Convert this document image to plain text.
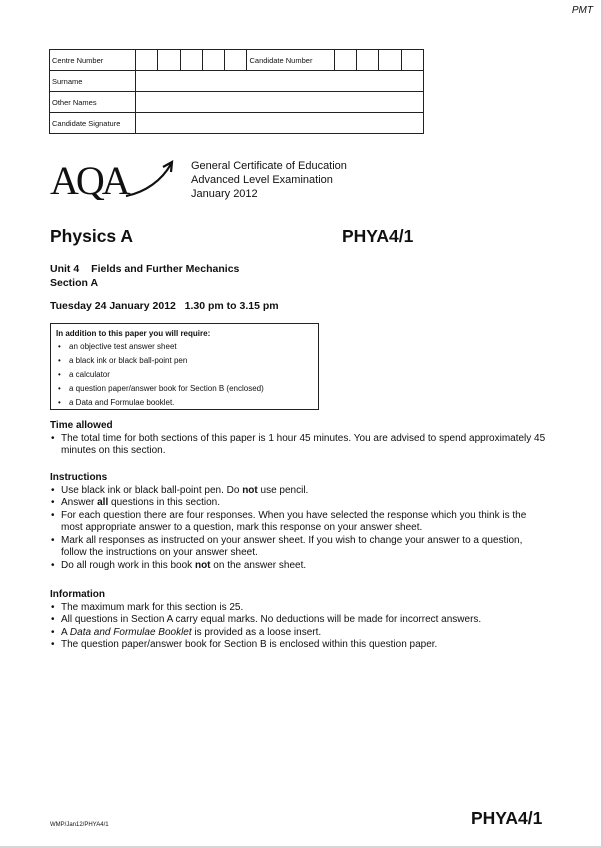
PMT
Centre Number						Candidate Number				
Surname										
Other Names										
Candidate Signature										
AQA	General Certificate of Education
Advanced Level Examination
January 2012
Physics A	PHYA4/1
Unit 4 Fields and Further Mechanics
Section A
Tuesday 24 January 2012   1.30 pm to 3.15 pm
In addition to this paper you will require:
• an objective test answer sheet
• a black ink or black ball-point pen
• a calculator
• a question paper/answer book for Section B (enclosed)
• a Data and Formulae booklet.
Time allowed
• The total time for both sections of this paper is 1 hour 45 minutes. You are advised to spend approximately 45 minutes on this section.
Instructions
• Use black ink or black ball-point pen. Do not use pencil.
• Answer all questions in this section.
• For each question there are four responses. When you have selected the response which you think is the most appropriate answer to a question, mark this response on your answer sheet.
• Mark all responses as instructed on your answer sheet. If you wish to change your answer to a question, follow the instructions on your answer sheet.
• Do all rough work in this book not on the answer sheet.
Information
• The maximum mark for this section is 25.
• All questions in Section A carry equal marks. No deductions will be made for incorrect answers.
• A Data and Formulae Booklet is provided as a loose insert.
• The question paper/answer book for Section B is enclosed within this question paper.
WMP/Jan12/PHYA4/1	PHYA4/1
